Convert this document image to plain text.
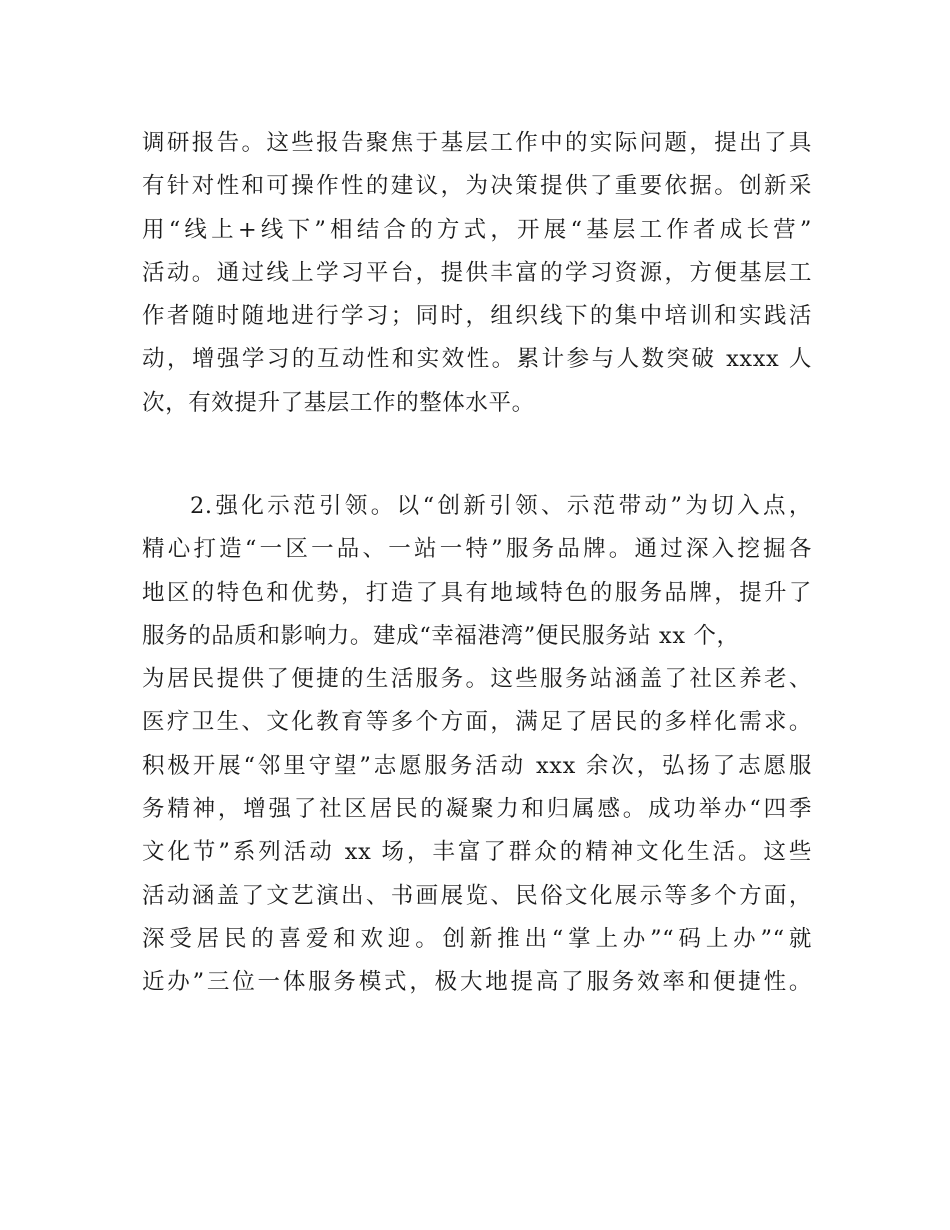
调研报告。这些报告聚焦于基层工作中的实际问题，提出了具
有针对性和可操作性的建议，为决策提供了重要依据。创新采
用“线上+线下”相结合的方式，开展“基层工作者成长营”
活动。通过线上学习平台，提供丰富的学习资源，方便基层工
作者随时随地进行学习；同时，组织线下的集中培训和实践活
动，增强学习的互动性和实效性。累计参与人数突破 xxxx 人
次，有效提升了基层工作的整体水平。
2.强化示范引领。以“创新引领、示范带动”为切入点，
精心打造“一区一品、一站一特”服务品牌。通过深入挖掘各
地区的特色和优势，打造了具有地域特色的服务品牌，提升了
服务的品质和影响力。建成“幸福港湾”便民服务站 xx 个，
为居民提供了便捷的生活服务。这些服务站涵盖了社区养老、
医疗卫生、文化教育等多个方面，满足了居民的多样化需求。
积极开展“邻里守望”志愿服务活动 xxx 余次，弘扬了志愿服
务精神，增强了社区居民的凝聚力和归属感。成功举办“四季
文化节”系列活动 xx 场，丰富了群众的精神文化生活。这些
活动涵盖了文艺演出、书画展览、民俗文化展示等多个方面，
深受居民的喜爱和欢迎。创新推出“掌上办”“码上办”“就
近办”三位一体服务模式，极大地提高了服务效率和便捷性。
